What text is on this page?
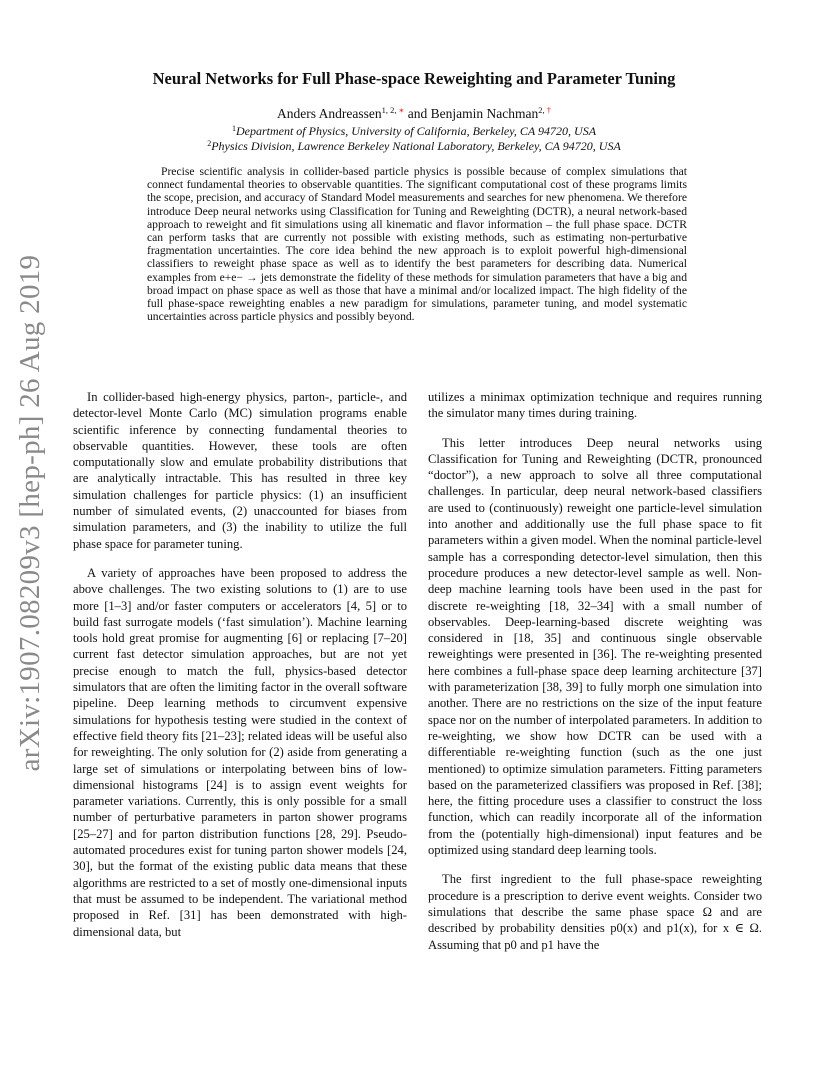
arXiv:1907.08209v3 [hep-ph] 26 Aug 2019
Neural Networks for Full Phase-space Reweighting and Parameter Tuning
Anders Andreassen$^{1, 2, ∗}$ and Benjamin Nachman$^{2, \dagger}$
$^1$Department of Physics, University of California, Berkeley, CA 94720, USA
$^2$Physics Division, Lawrence Berkeley National Laboratory, Berkeley, CA 94720, USA

Precise scientific analysis in collider-based particle physics is possible because of complex simulations that connect fundamental theories to observable quantities. The significant computational cost of these programs limits the scope, precision, and accuracy of Standard Model measurements and searches for new phenomena. We therefore introduce Deep neural networks using Classification for Tuning and Reweighting (DCTR), a neural network-based approach to reweight and fit simulations using all kinematic and flavor information – the full phase space. DCTR can perform tasks that are currently not possible with existing methods, such as estimating non-perturbative fragmentation uncertainties. The core idea behind the new approach is to exploit powerful high-dimensional classifiers to reweight phase space as well as to identify the best parameters for describing data. Numerical examples from e+e− → jets demonstrate the fidelity of these methods for simulation parameters that have a big and broad impact on phase space as well as those that have a minimal and/or localized impact. The high fidelity of the full phase-space reweighting enables a new paradigm for simulations, parameter tuning, and model systematic uncertainties across particle physics and possibly beyond.

In collider-based high-energy physics, parton-, particle-, and detector-level Monte Carlo (MC) simulation programs enable scientific inference by connecting fundamental theories to observable quantities. However, these tools are often computationally slow and emulate probability distributions that are analytically intractable. This has resulted in three key simulation challenges for particle physics: (1) an insufficient number of simulated events, (2) unaccounted for biases from simulation parameters, and (3) the inability to utilize the full phase space for parameter tuning.

A variety of approaches have been proposed to address the above challenges. The two existing solutions to (1) are to use more [1–3] and/or faster computers or accelerators [4, 5] or to build fast surrogate models (‘fast simulation’). Machine learning tools hold great promise for augmenting [6] or replacing [7–20] current fast detector simulation approaches, but are not yet precise enough to match the full, physics-based detector simulators that are often the limiting factor in the overall software pipeline. Deep learning methods to circumvent expensive simulations for hypothesis testing were studied in the context of effective field theory fits [21–23]; related ideas will be useful also for reweighting. The only solution for (2) aside from generating a large set of simulations or interpolating between bins of low-dimensional histograms [24] is to assign event weights for parameter variations. Currently, this is only possible for a small number of perturbative parameters in parton shower programs [25–27] and for parton distribution functions [28, 29]. Pseudo-automated procedures exist for tuning parton shower models [24, 30], but the format of the existing public data means that these algorithms are restricted to a set of mostly one-dimensional inputs that must be assumed to be independent. The variational method proposed in Ref. [31] has been demonstrated with high-dimensional data, but

utilizes a minimax optimization technique and requires running the simulator many times during training.

This letter introduces Deep neural networks using Classification for Tuning and Reweighting (DCTR, pronounced “doctor”), a new approach to solve all three computational challenges. In particular, deep neural network-based classifiers are used to (continuously) reweight one particle-level simulation into another and additionally use the full phase space to fit parameters within a given model. When the nominal particle-level sample has a corresponding detector-level simulation, then this procedure produces a new detector-level sample as well. Non-deep machine learning tools have been used in the past for discrete re-weighting [18, 32–34] with a small number of observables. Deep-learning-based discrete weighting was considered in [18, 35] and continuous single observable reweightings were presented in [36]. The re-weighting presented here combines a full-phase space deep learning architecture [37] with parameterization [38, 39] to fully morph one simulation into another. There are no restrictions on the size of the input feature space nor on the number of interpolated parameters. In addition to re-weighting, we show how DCTR can be used with a differentiable re-weighting function (such as the one just mentioned) to optimize simulation parameters. Fitting parameters based on the parameterized classifiers was proposed in Ref. [38]; here, the fitting procedure uses a classifier to construct the loss function, which can readily incorporate all of the information from the (potentially high-dimensional) input features and be optimized using standard deep learning tools.

The first ingredient to the full phase-space reweighting procedure is a prescription to derive event weights. Consider two simulations that describe the same phase space Ω and are described by probability densities p0(x) and p1(x), for x ∈ Ω. Assuming that p0 and p1 have the
